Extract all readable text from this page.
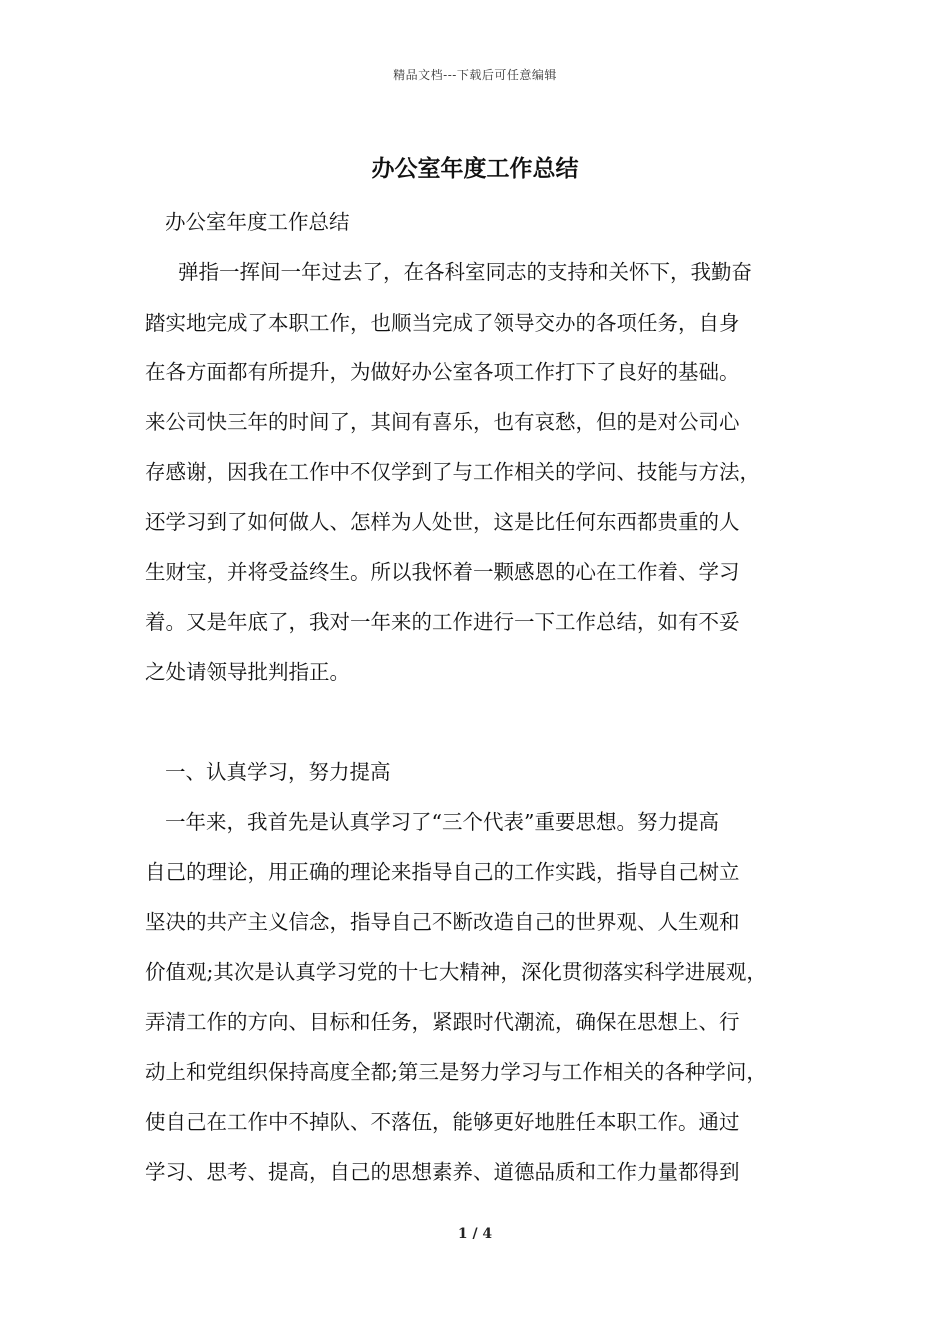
精品文档---下载后可任意编辑
办公室年度工作总结
办公室年度工作总结
弹指一挥间一年过去了，在各科室同志的支持和关怀下，我勤奋
踏实地完成了本职工作，也顺当完成了领导交办的各项任务，自身
在各方面都有所提升，为做好办公室各项工作打下了良好的基础。
来公司快三年的时间了，其间有喜乐，也有哀愁，但的是对公司心
存感谢，因我在工作中不仅学到了与工作相关的学问、技能与方法，
还学习到了如何做人、怎样为人处世，这是比任何东西都贵重的人
生财宝，并将受益终生。所以我怀着一颗感恩的心在工作着、学习
着。又是年底了，我对一年来的工作进行一下工作总结，如有不妥
之处请领导批判指正。
一、认真学习，努力提高
一年来，我首先是认真学习了“三个代表”重要思想。努力提高
自己的理论，用正确的理论来指导自己的工作实践，指导自己树立
坚决的共产主义信念，指导自己不断改造自己的世界观、人生观和
价值观;其次是认真学习党的十七大精神，深化贯彻落实科学进展观，
弄清工作的方向、目标和任务，紧跟时代潮流，确保在思想上、行
动上和党组织保持高度全都;第三是努力学习与工作相关的各种学问，
使自己在工作中不掉队、不落伍，能够更好地胜任本职工作。通过
学习、思考、提高，自己的思想素养、道德品质和工作力量都得到
1 / 4
